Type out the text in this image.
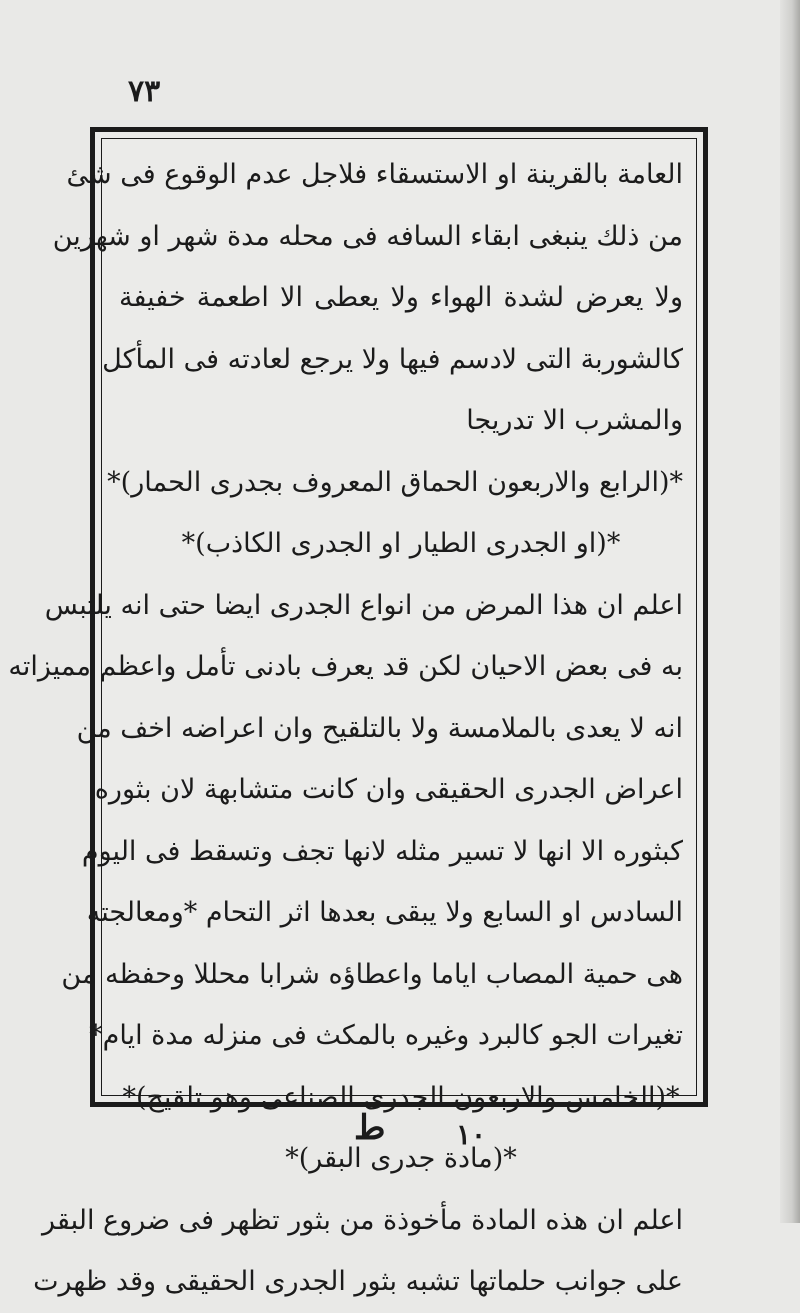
٧٣
العامة بالقرينة او الاستسقاء فلاجل عدم الوقوع فى شئ
من ذلك ينبغى ابقاء السافه فى محله مدة شهر او شهرين
ولا يعرض لشدة الهواء ولا يعطى الا اطعمة خفيفة
كالشوربة التى لادسم فيها ولا يرجع لعادته فى المأكل
والمشرب الا تدريجا
*(الرابع والاربعون الحماق المعروف بجدرى الحمار)*
*(او الجدرى الطيار او الجدرى الكاذب)*
اعلم ان هذا المرض من انواع الجدرى ايضا حتى انه يلتبس
به فى بعض الاحيان لكن قد يعرف بادنى تأمل واعظم مميزاته
انه لا يعدى بالملامسة ولا بالتلقيح وان اعراضه اخف من
اعراض الجدرى الحقيقى وان كانت متشابهة لان بثوره
كبثوره الا انها لا تسير مثله لانها تجف وتسقط فى اليوم
السادس او السابع ولا يبقى بعدها اثر التحام *ومعالجته
هى حمية المصاب اياما واعطاؤه شرابا محللا وحفظه من
تغيرات الجو كالبرد وغيره بالمكث فى منزله مدة ايام*
*(الخامس والاربعون الجدرى الصناعى وهو تلقيح)*
*(مادة جدرى البقر)*
اعلم ان هذه المادة مأخوذة من بثور تظهر فى ضروع البقر
على جوانب حلماتها تشبه بثور الجدرى الحقيقى وقد ظهرت
ط	١٠
